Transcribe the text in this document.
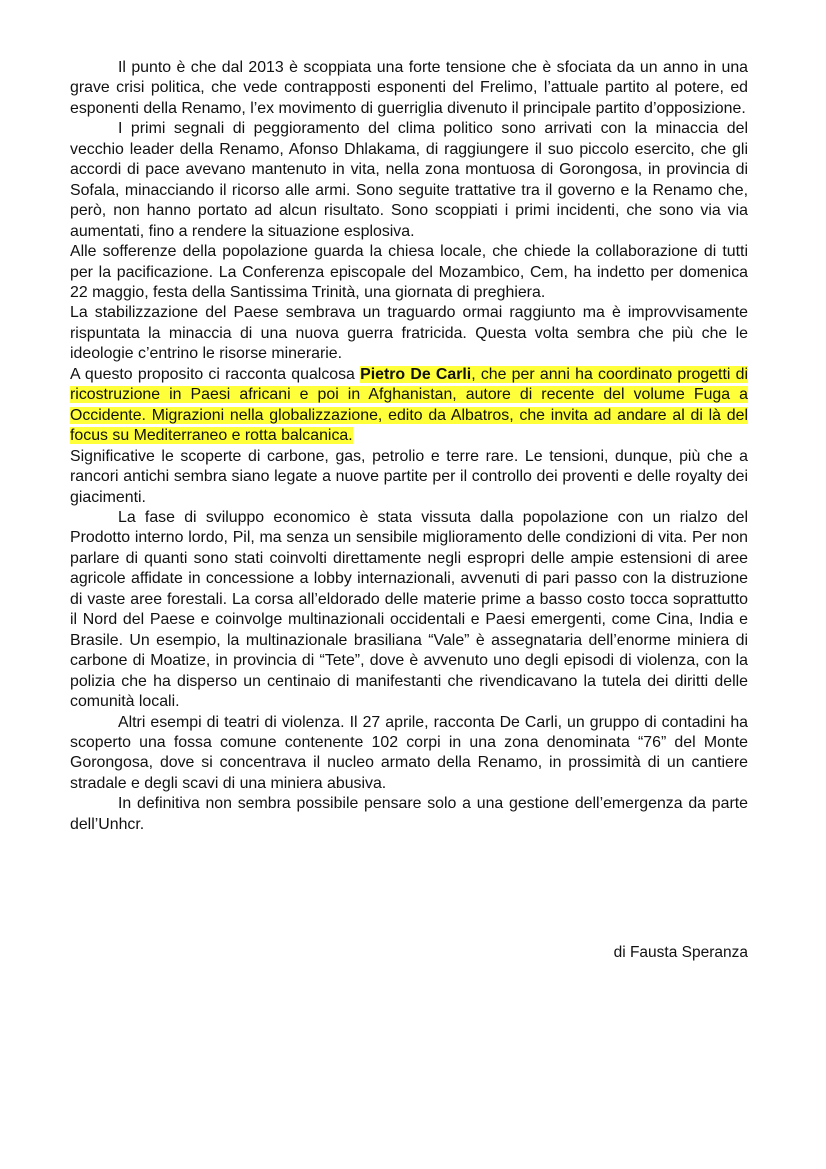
Il punto è che dal 2013 è scoppiata una forte tensione che è sfociata da un anno in una grave crisi politica, che vede contrapposti esponenti del Frelimo, l’attuale partito al potere, ed esponenti della Renamo, l’ex movimento di guerriglia divenuto il principale partito d’opposizione.

I primi segnali di peggioramento del clima politico sono arrivati con la minaccia del vecchio leader della Renamo, Afonso Dhlakama, di raggiungere il suo piccolo esercito, che gli accordi di pace avevano mantenuto in vita, nella zona montuosa di Gorongosa, in provincia di Sofala, minacciando il ricorso alle armi. Sono seguite trattative tra il governo e la Renamo che, però, non hanno portato ad alcun risultato. Sono scoppiati i primi incidenti, che sono via via aumentati, fino a rendere la situazione esplosiva.

Alle sofferenze della popolazione guarda la chiesa locale, che chiede la collaborazione di tutti per la pacificazione. La Conferenza episcopale del Mozambico, Cem, ha indetto per domenica 22 maggio, festa della Santissima Trinità, una giornata di preghiera.

La stabilizzazione del Paese sembrava un traguardo ormai raggiunto ma è improvvisamente rispuntata la minaccia di una nuova guerra fratricida. Questa volta sembra che più che le ideologie c’entrino le risorse minerarie.

A questo proposito ci racconta qualcosa Pietro De Carli, che per anni ha coordinato progetti di ricostruzione in Paesi africani e poi in Afghanistan, autore di recente del volume Fuga a Occidente. Migrazioni nella globalizzazione, edito da Albatros, che invita ad andare al di là del focus su Mediterraneo e rotta balcanica.

Significative le scoperte di carbone, gas, petrolio e terre rare. Le tensioni, dunque, più che a rancori antichi sembra siano legate a nuove partite per il controllo dei proventi e delle royalty dei giacimenti.

La fase di sviluppo economico è stata vissuta dalla popolazione con un rialzo del Prodotto interno lordo, Pil, ma senza un sensibile miglioramento delle condizioni di vita. Per non parlare di quanti sono stati coinvolti direttamente negli espropri delle ampie estensioni di aree agricole affidate in concessione a lobby internazionali, avvenuti di pari passo con la distruzione di vaste aree forestali. La corsa all’eldorado delle materie prime a basso costo tocca soprattutto il Nord del Paese e coinvolge multinazionali occidentali e Paesi emergenti, come Cina, India e Brasile. Un esempio, la multinazionale brasiliana “Vale” è assegnataria dell’enorme miniera di carbone di Moatize, in provincia di “Tete”, dove è avvenuto uno degli episodi di violenza, con la polizia che ha disperso un centinaio di manifestanti che rivendicavano la tutela dei diritti delle comunità locali.

Altri esempi di teatri di violenza. Il 27 aprile, racconta De Carli, un gruppo di contadini ha scoperto una fossa comune contenente 102 corpi in una zona denominata “76” del Monte Gorongosa, dove si concentrava il nucleo armato della Renamo, in prossimità di un cantiere stradale e degli scavi di una miniera abusiva.

In definitiva non sembra possibile pensare solo a una gestione dell’emergenza da parte dell’Unhcr.

di Fausta Speranza
